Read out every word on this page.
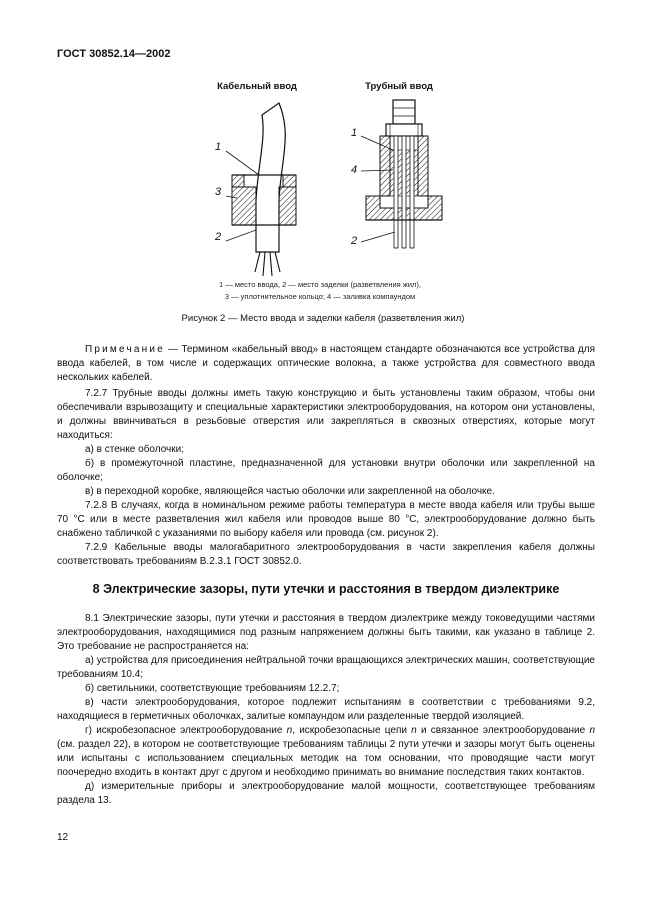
ГОСТ 30852.14—2002
Кабельный ввод	Трубный ввод
1
3
2
1
4
2
1 — место ввода, 2 — место заделки (разветвления жил),
3 — уплотнительное кольцо; 4 — заливка компаундом
Рисунок 2 — Место ввода и заделки кабеля (разветвления жил)

Примечание — Термином «кабельный ввод» в настоящем стандарте обозначаются все устройства для ввода кабелей, в том числе и содержащих оптические волокна, а также устройства для совместного ввода нескольких кабелей.

7.2.7 Трубные вводы должны иметь такую конструкцию и быть установлены таким образом, чтобы они обеспечивали взрывозащиту и специальные характеристики электрооборудования, на котором они установлены, и должны ввинчиваться в резьбовые отверстия или закрепляться в сквозных отверстиях, которые могут находиться:

а) в стенке оболочки;

б) в промежуточной пластине, предназначенной для установки внутри оболочки или закрепленной на оболочке;

в) в переходной коробке, являющейся частью оболочки или закрепленной на оболочке.

7.2.8 В случаях, когда в номинальном режиме работы температура в месте ввода кабеля или трубы выше 70 °С или в месте разветвления жил кабеля или проводов выше 80 °С, электрооборудование должно быть снабжено табличкой с указаниями по выбору кабеля или провода (см. рисунок 2).

7.2.9 Кабельные вводы малогабаритного электрооборудования в части закрепления кабеля должны соответствовать требованиям В.2.3.1 ГОСТ 30852.0.

8 Электрические зазоры, пути утечки и расстояния в твердом диэлектрике

8.1 Электрические зазоры, пути утечки и расстояния в твердом диэлектрике между токоведущими частями электрооборудования, находящимися под разным напряжением должны быть такими, как указано в таблице 2. Это требование не распространяется на:

а) устройства для присоединения нейтральной точки вращающихся электрических машин, соответствующие требованиям 10.4;

б) светильники, соответствующие требованиям 12.2.7;

в) части электрооборудования, которое подлежит испытаниям в соответствии с требованиями 9.2, находящиеся в герметичных оболочках, залитые компаундом или разделенные твердой изоляцией.

г) искробезопасное электрооборудование n, искробезопасные цепи n и связанное электрооборудование n (см. раздел 22), в котором не соответствующие требованиям таблицы 2 пути утечки и зазоры могут быть оценены или испытаны с использованием специальных методик на том основании, что проводящие части могут поочередно входить в контакт друг с другом и необходимо принимать во внимание последствия таких контактов.

д) измерительные приборы и электрооборудование малой мощности, соответствующее требованиям раздела 13.

12
